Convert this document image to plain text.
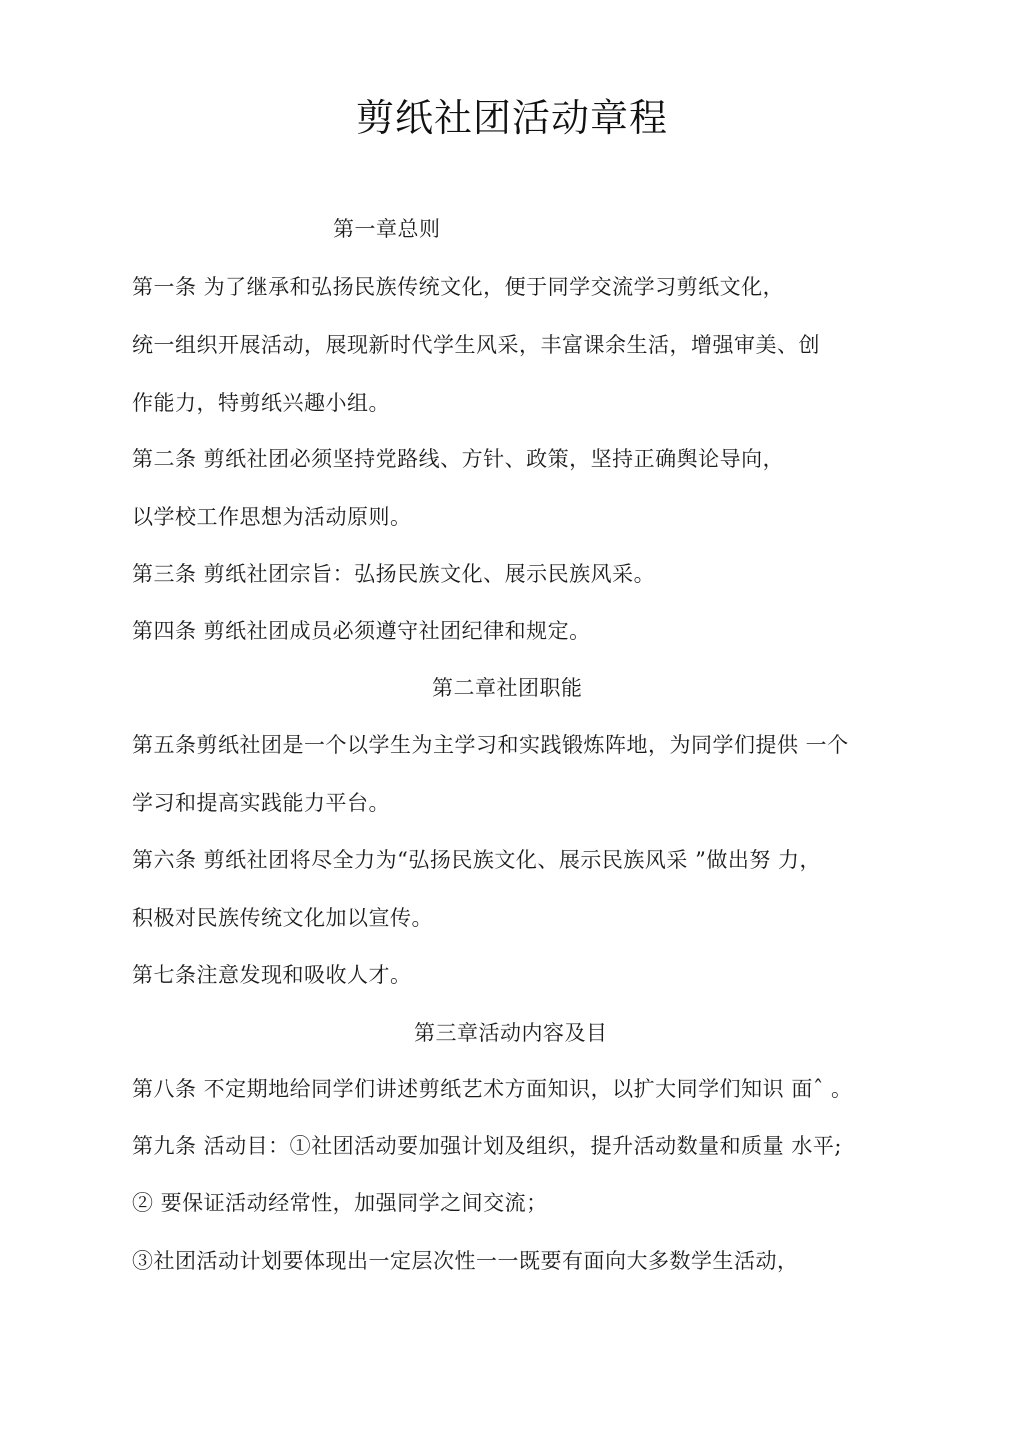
剪纸社团活动章程
第一章总则
第一条 为了继承和弘扬民族传统文化，便于同学交流学习剪纸文化，
统一组织开展活动，展现新时代学生风采，丰富课余生活，增强审美、创
作能力，特剪纸兴趣小组。
第二条 剪纸社团必须坚持党路线、方针、政策，坚持正确舆论导向，
以学校工作思想为活动原则。
第三条 剪纸社团宗旨：弘扬民族文化、展示民族风采。
第四条 剪纸社团成员必须遵守社团纪律和规定。
第二章社团职能
第五条剪纸社团是一个以学生为主学习和实践锻炼阵地，为同学们提供 一个
学习和提高实践能力平台。
第六条 剪纸社团将尽全力为“弘扬民族文化、展示民族风采 ”做出努 力，
积极对民族传统文化加以宣传。
第七条注意发现和吸收人才。
第三章活动内容及目
第八条 不定期地给同学们讲述剪纸艺术方面知识，以扩大同学们知识 面ˆ 。
第九条 活动目：①社团活动要加强计划及组织，提升活动数量和质量 水平;
② 要保证活动经常性，加强同学之间交流；
③社团活动计划要体现出一定层次性一一既要有面向大多数学生活动，
